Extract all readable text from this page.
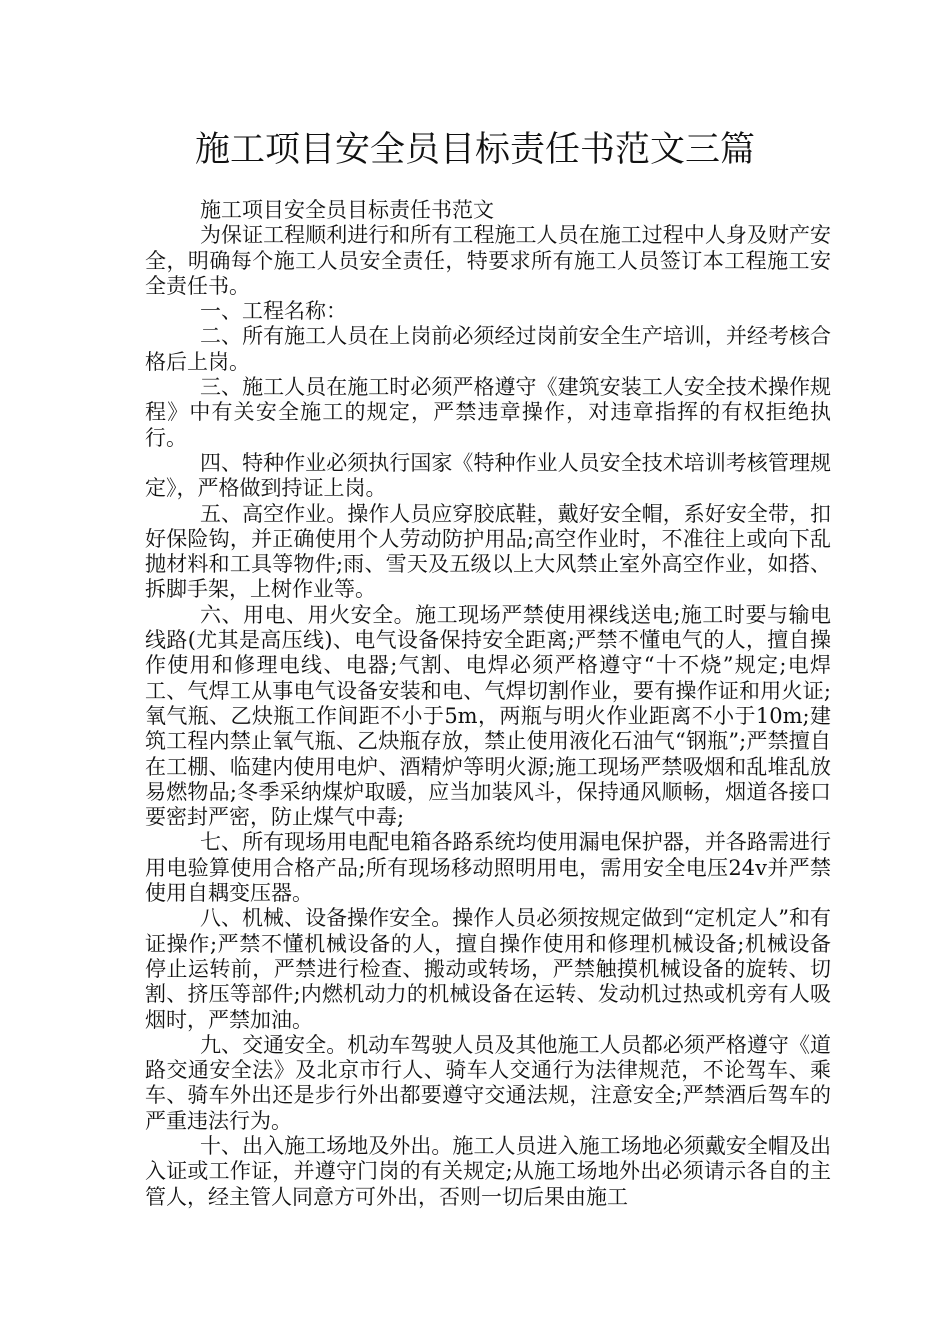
施工项目安全员目标责任书范文三篇

施工项目安全员目标责任书范文

为保证工程顺利进行和所有工程施工人员在施工过程中人身及财产安全，明确每个施工人员安全责任，特要求所有施工人员签订本工程施工安全责任书。

一、工程名称：

二、所有施工人员在上岗前必须经过岗前安全生产培训，并经考核合格后上岗。

三、施工人员在施工时必须严格遵守《建筑安装工人安全技术操作规程》中有关安全施工的规定，严禁违章操作，对违章指挥的有权拒绝执行。

四、特种作业必须执行国家《特种作业人员安全技术培训考核管理规定》，严格做到持证上岗。

五、高空作业。操作人员应穿胶底鞋，戴好安全帽，系好安全带，扣好保险钩，并正确使用个人劳动防护用品;高空作业时，不准往上或向下乱抛材料和工具等物件;雨、雪天及五级以上大风禁止室外高空作业，如搭、拆脚手架，上树作业等。

六、用电、用火安全。施工现场严禁使用裸线送电;施工时要与输电线路(尤其是高压线)、电气设备保持安全距离;严禁不懂电气的人，擅自操作使用和修理电线、电器;气割、电焊必须严格遵守“十不烧”规定;电焊工、气焊工从事电气设备安装和电、气焊切割作业，要有操作证和用火证;氧气瓶、乙炔瓶工作间距不小于5m，两瓶与明火作业距离不小于10m;建筑工程内禁止氧气瓶、乙炔瓶存放，禁止使用液化石油气“钢瓶”;严禁擅自在工棚、临建内使用电炉、酒精炉等明火源;施工现场严禁吸烟和乱堆乱放易燃物品;冬季采纳煤炉取暖，应当加装风斗，保持通风顺畅，烟道各接口要密封严密，防止煤气中毒;

七、所有现场用电配电箱各路系统均使用漏电保护器，并各路需进行用电验算使用合格产品;所有现场移动照明用电，需用安全电压24v并严禁使用自耦变压器。

八、机械、设备操作安全。操作人员必须按规定做到“定机定人”和有证操作;严禁不懂机械设备的人，擅自操作使用和修理机械设备;机械设备停止运转前，严禁进行检查、搬动或转场，严禁触摸机械设备的旋转、切割、挤压等部件;内燃机动力的机械设备在运转、发动机过热或机旁有人吸烟时，严禁加油。

九、交通安全。机动车驾驶人员及其他施工人员都必须严格遵守《道路交通安全法》及北京市行人、骑车人交通行为法律规范，不论驾车、乘车、骑车外出还是步行外出都要遵守交通法规，注意安全;严禁酒后驾车的严重违法行为。

十、出入施工场地及外出。施工人员进入施工场地必须戴安全帽及出入证或工作证，并遵守门岗的有关规定;从施工场地外出必须请示各自的主管人，经主管人同意方可外出，否则一切后果由施工
